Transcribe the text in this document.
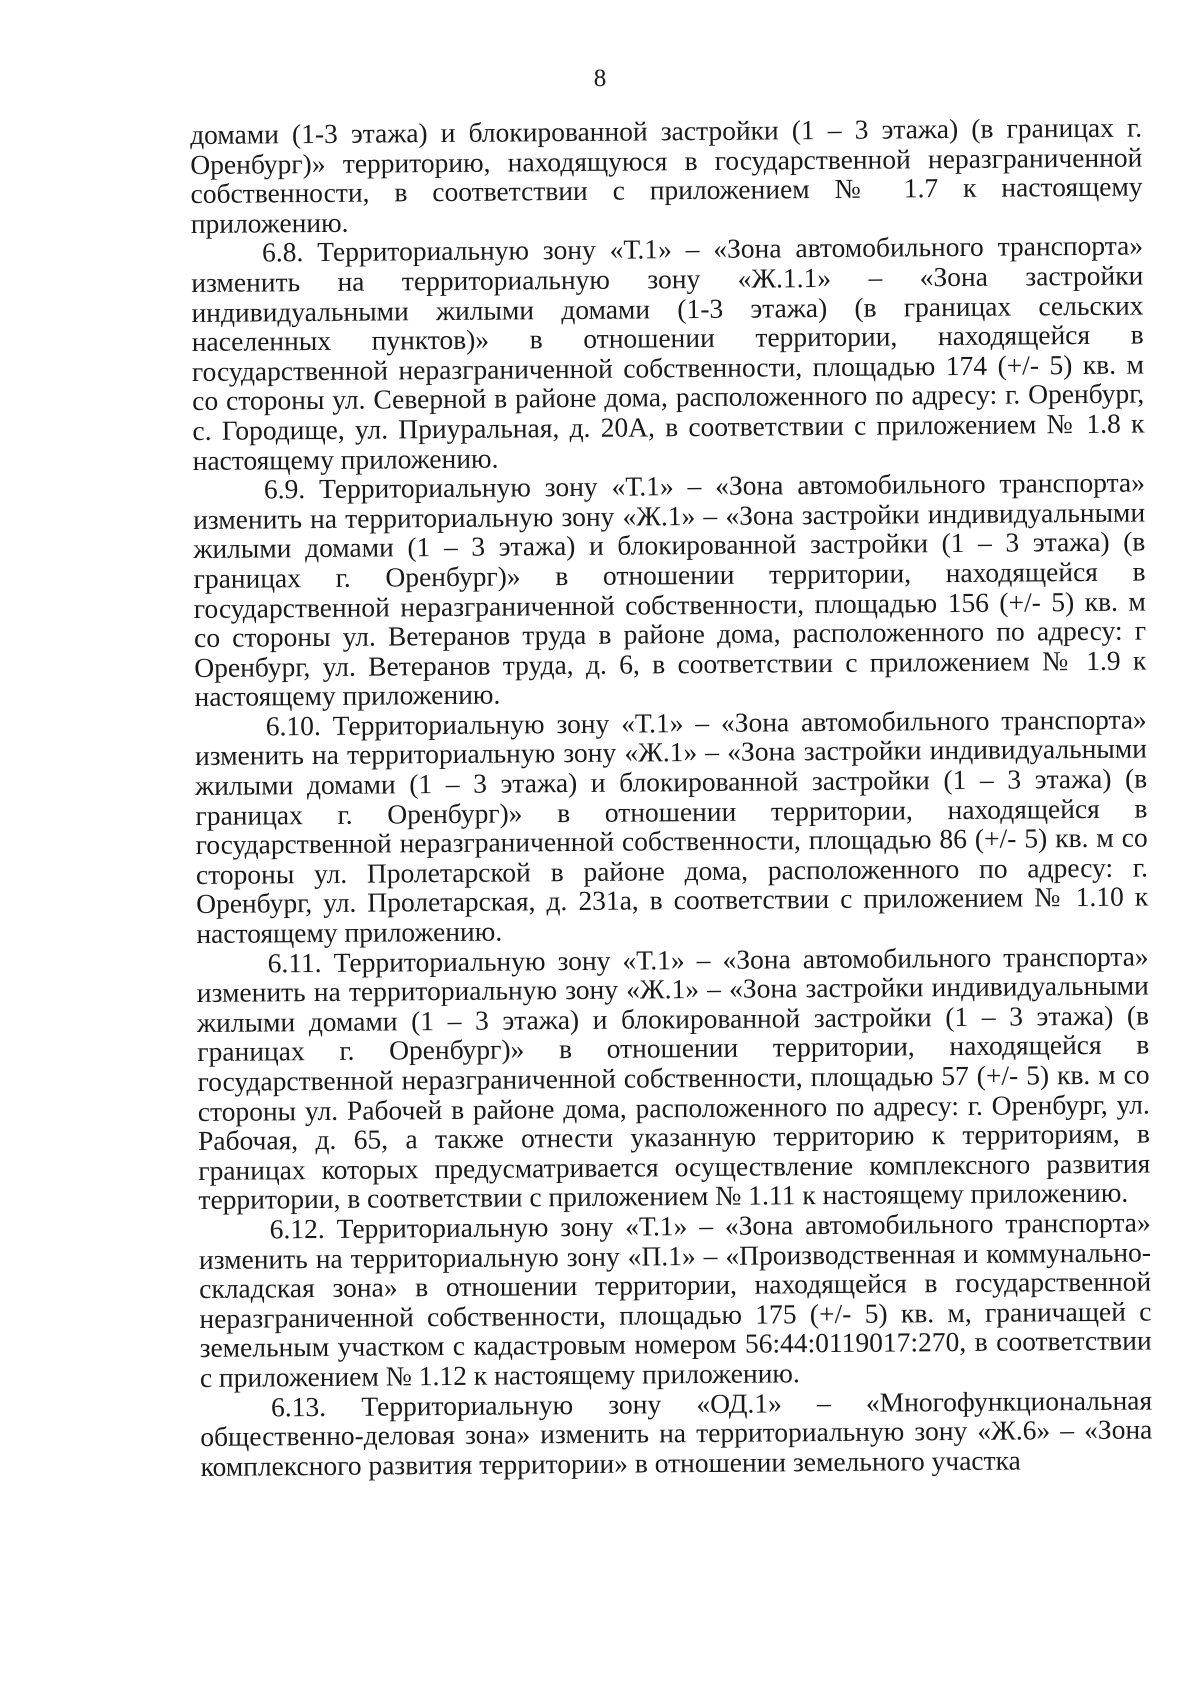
8

домами (1-3 этажа) и блокированной застройки (1 – 3 этажа) (в границах г. Оренбург)» территорию, находящуюся в государственной неразграниченной собственности, в соответствии с приложением № 1.7 к настоящему приложению.

6.8. Территориальную зону «Т.1» – «Зона автомобильного транспорта» изменить на территориальную зону «Ж.1.1» – «Зона застройки индивидуальными жилыми домами (1-3 этажа) (в границах сельских населенных пунктов)» в отношении территории, находящейся в государственной неразграниченной собственности, площадью 174 (+/- 5) кв. м со стороны ул. Северной в районе дома, расположенного по адресу: г. Оренбург, с. Городище, ул. Приуральная, д. 20А, в соответствии с приложением № 1.8 к настоящему приложению.

6.9. Территориальную зону «Т.1» – «Зона автомобильного транспорта» изменить на территориальную зону «Ж.1» – «Зона застройки индивидуальными жилыми домами (1 – 3 этажа) и блокированной застройки (1 – 3 этажа) (в границах г. Оренбург)» в отношении территории, находящейся в государственной неразграниченной собственности, площадью 156 (+/- 5) кв. м со стороны ул. Ветеранов труда в районе дома, расположенного по адресу: г Оренбург, ул. Ветеранов труда, д. 6, в соответствии с приложением № 1.9 к настоящему приложению.

6.10. Территориальную зону «Т.1» – «Зона автомобильного транспорта» изменить на территориальную зону «Ж.1» – «Зона застройки индивидуальными жилыми домами (1 – 3 этажа) и блокированной застройки (1 – 3 этажа) (в границах г. Оренбург)» в отношении территории, находящейся в государственной неразграниченной собственности, площадью 86 (+/- 5) кв. м со стороны ул. Пролетарской в районе дома, расположенного по адресу: г. Оренбург, ул. Пролетарская, д. 231а, в соответствии с приложением № 1.10 к настоящему приложению.

6.11. Территориальную зону «Т.1» – «Зона автомобильного транспорта» изменить на территориальную зону «Ж.1» – «Зона застройки индивидуальными жилыми домами (1 – 3 этажа) и блокированной застройки (1 – 3 этажа) (в границах г. Оренбург)» в отношении территории, находящейся в государственной неразграниченной собственности, площадью 57 (+/- 5) кв. м со стороны ул. Рабочей в районе дома, расположенного по адресу: г. Оренбург, ул. Рабочая, д. 65, а также отнести указанную территорию к территориям, в границах которых предусматривается осуществление комплексного развития территории, в соответствии с приложением № 1.11 к настоящему приложению.

6.12. Территориальную зону «Т.1» – «Зона автомобильного транспорта» изменить на территориальную зону «П.1» – «Производственная и коммунально-складская зона» в отношении территории, находящейся в государственной неразграниченной собственности, площадью 175 (+/- 5) кв. м, граничащей с земельным участком с кадастровым номером 56:44:0119017:270, в соответствии с приложением № 1.12 к настоящему приложению.

6.13. Территориальную зону «ОД.1» – «Многофункциональная общественно-деловая зона» изменить на территориальную зону «Ж.6» – «Зона комплексного развития территории» в отношении земельного участка
